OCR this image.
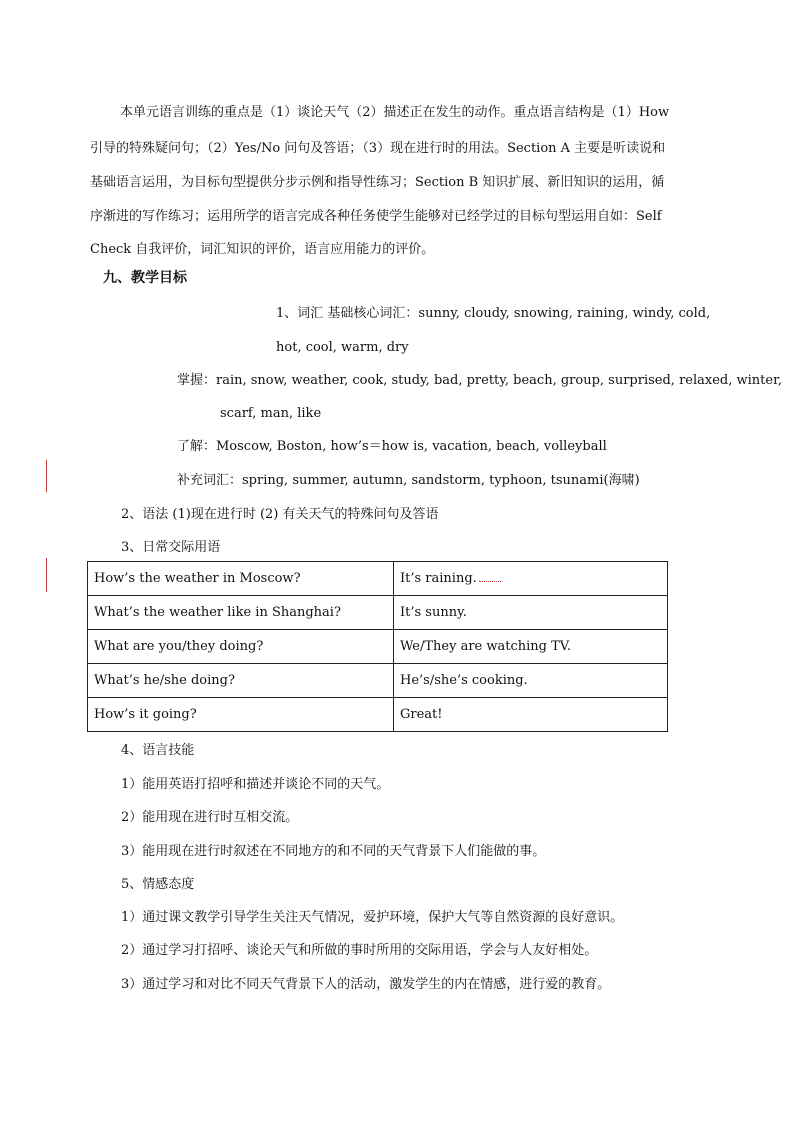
本单元语言训练的重点是（1）谈论天气（2）描述正在发生的动作。重点语言结构是（1）How
引导的特殊疑问句；（2）Yes/No 问句及答语；（3）现在进行时的用法。Section A 主要是听读说和
基础语言运用，为目标句型提供分步示例和指导性练习；Section B 知识扩展、新旧知识的运用，循
序渐进的写作练习；运用所学的语言完成各种任务使学生能够对已经学过的目标句型运用自如：Self
Check 自我评价，词汇知识的评价，语言应用能力的评价。
九、教学目标
1、词汇 基础核心词汇：sunny, cloudy, snowing, raining, windy, cold,
hot, cool, warm, dry
掌握：rain, snow, weather, cook, study, bad, pretty, beach, group, surprised, relaxed, winter,
scarf, man, like
了解：Moscow, Boston, how’s＝how is, vacation, beach, volleyball
补充词汇：spring, summer, autumn, sandstorm, typhoon, tsunami(海啸)
2、语法 (1)现在进行时 (2) 有关天气的特殊问句及答语
3、日常交际用语
How’s the weather in Moscow?	It’s raining.
What’s the weather like in Shanghai?	It’s sunny.
What are you/they doing?	We/They are watching TV.
What’s he/she doing?	He’s/she’s cooking.
How’s it going?	Great!
4、语言技能
1）能用英语打招呼和描述并谈论不同的天气。
2）能用现在进行时互相交流。
3）能用现在进行时叙述在不同地方的和不同的天气背景下人们能做的事。
5、情感态度
1）通过课文教学引导学生关注天气情况，爱护环境，保护大气等自然资源的良好意识。
2）通过学习打招呼、谈论天气和所做的事时所用的交际用语，学会与人友好相处。
3）通过学习和对比不同天气背景下人的活动，激发学生的内在情感，进行爱的教育。
